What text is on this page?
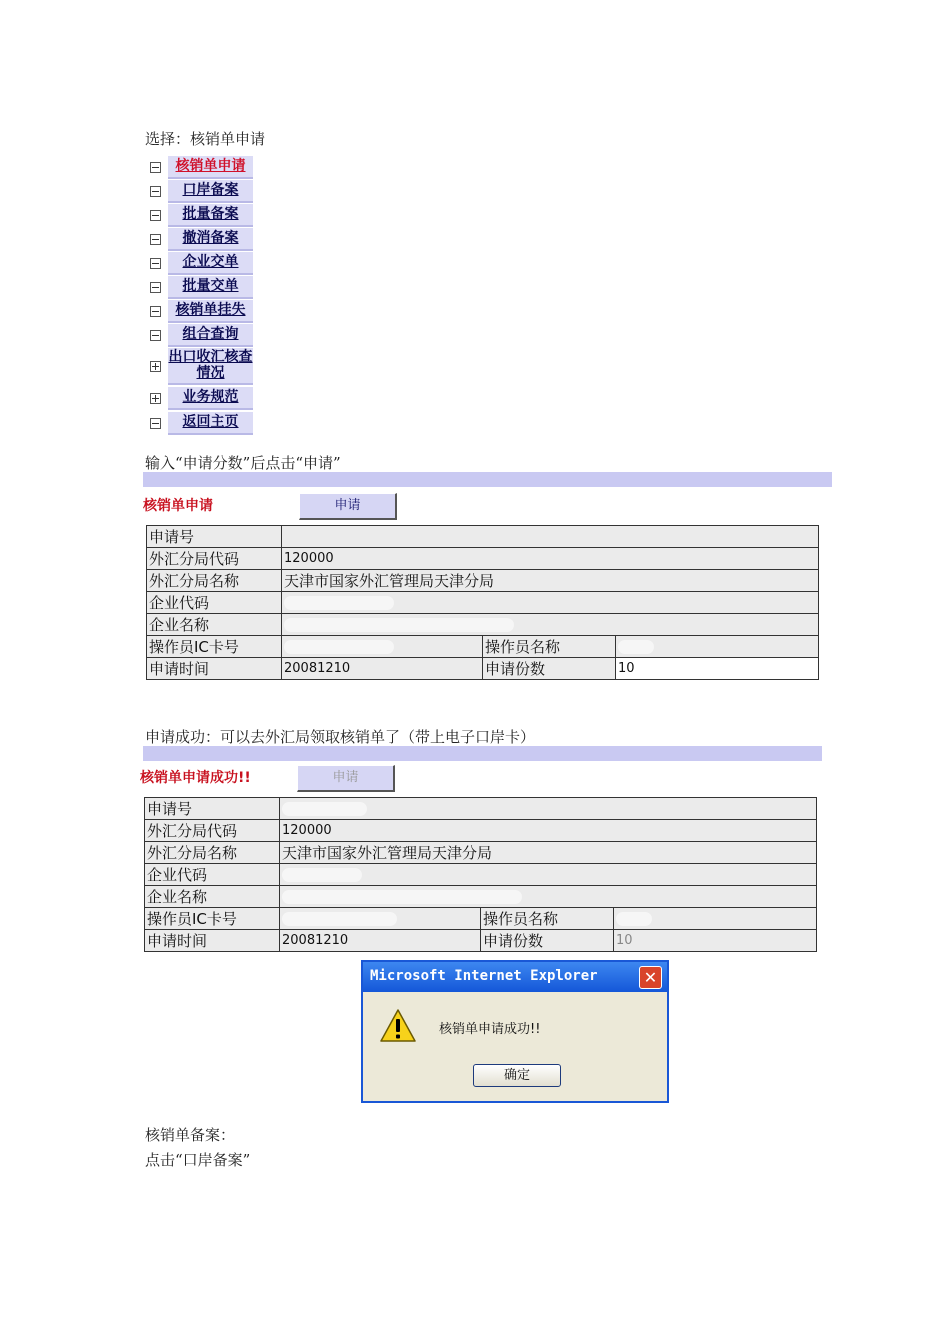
选择：核销单申请
核销单申请
口岸备案
批量备案
撤消备案
企业交单
批量交单
核销单挂失
组合查询
出口收汇核查情况
业务规范
返回主页
输入“申请分数”后点击“申请”
核销单申请	申请
申请号			
外汇分局代码	120000		
外汇分局名称	天津市国家外汇管理局天津分局		
企业代码			
企业名称			
操作员IC卡号		操作员名称	
申请时间	20081210	申请份数	10
申请成功：可以去外汇局领取核销单了（带上电子口岸卡）
核销单申请成功!!	申请
申请号			
外汇分局代码	120000		
外汇分局名称	天津市国家外汇管理局天津分局		
企业代码			
企业名称			
操作员IC卡号		操作员名称	
申请时间	20081210	申请份数	10
Microsoft Internet Explorer	✕
核销单申请成功!!
确定
核销单备案：
点击“口岸备案”
